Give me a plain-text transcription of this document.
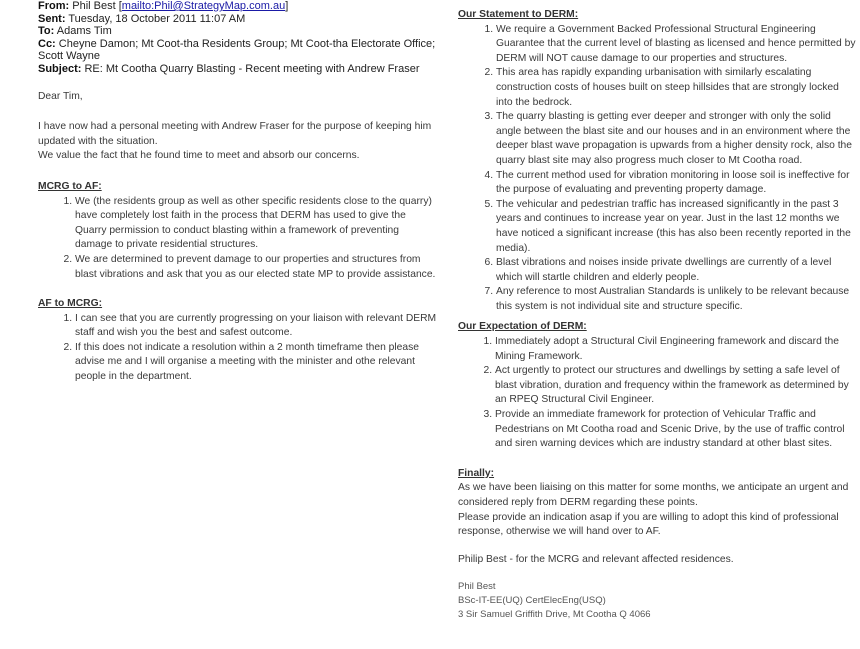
From: Phil Best [mailto:Phil@StrategyMap.com.au]
Sent: Tuesday, 18 October 2011 11:07 AM
To: Adams Tim
Cc: Cheyne Damon; Mt Coot-tha Residents Group; Mt Coot-tha Electorate Office; Scott Wayne
Subject: RE: Mt Cootha Quarry Blasting - Recent meeting with Andrew Fraser

Dear Tim,

I have now had a personal meeting with Andrew Fraser for the purpose of keeping him updated with the situation.

We value the fact that he found time to meet and absorb our concerns.

MCRG to AF:

1. We (the residents group as well as other specific residents close to the quarry) have completely lost faith in the process that DERM has used to give the Quarry permission to conduct blasting within a framework of preventing damage to private residential structures.
2. We are determined to prevent damage to our properties and structures from blast vibrations and ask that you as our elected state MP to provide assistance.

AF to MCRG:

1. I can see that you are currently progressing on your liaison with relevant DERM staff and wish you the best and safest outcome.
2. If this does not indicate a resolution within a 2 month timeframe then please advise me and I will organise a meeting with the minister and othe relevant people in the department.

Our Statement to DERM:

1. We require a Government Backed Professional Structural Engineering Guarantee that the current level of blasting as licensed and hence permitted by DERM will NOT cause damage to our properties and structures.
2. This area has rapidly expanding urbanisation with similarly escalating construction costs of houses built on steep hillsides that are strongly locked into the bedrock.
3. The quarry blasting is getting ever deeper and stronger with only the solid angle between the blast site and our houses and in an environment where the deeper blast wave propagation is upwards from a higher density rock, also the quarry blast site may also progress much closer to Mt Cootha road.
4. The current method used for vibration monitoring in loose soil is ineffective for the purpose of evaluating and preventing property damage.
5. The vehicular and pedestrian traffic has increased significantly in the past 3 years and continues to increase year on year. Just in the last 12 months we have noticed a significant increase (this has also been recently reported in the media).
6. Blast vibrations and noises inside private dwellings are currently of a level which will startle children and elderly people.
7. Any reference to most Australian Standards is unlikely to be relevant because this system is not individual site and structure specific.

Our Expectation of DERM:

1. Immediately adopt a Structural Civil Engineering framework and discard the Mining Framework.
2. Act urgently to protect our structures and dwellings by setting a safe level of blast vibration, duration and frequency within the framework as determined by an RPEQ Structural Civil Engineer.
3. Provide an immediate framework for protection of Vehicular Traffic and Pedestrians on Mt Cootha road and Scenic Drive, by the use of traffic control and siren warning devices which are industry standard at other blast sites.

Finally:

As we have been liaising on this matter for some months, we anticipate an urgent and considered reply from DERM regarding these points.

Please provide an indication asap if you are willing to adopt this kind of professional response, otherwise we will hand over to AF.

Philip Best - for the MCRG and relevant affected residences.

Phil Best
BSc-IT-EE(UQ) CertElecEng(USQ)
3 Sir Samuel Griffith Drive, Mt Cootha Q 4066
